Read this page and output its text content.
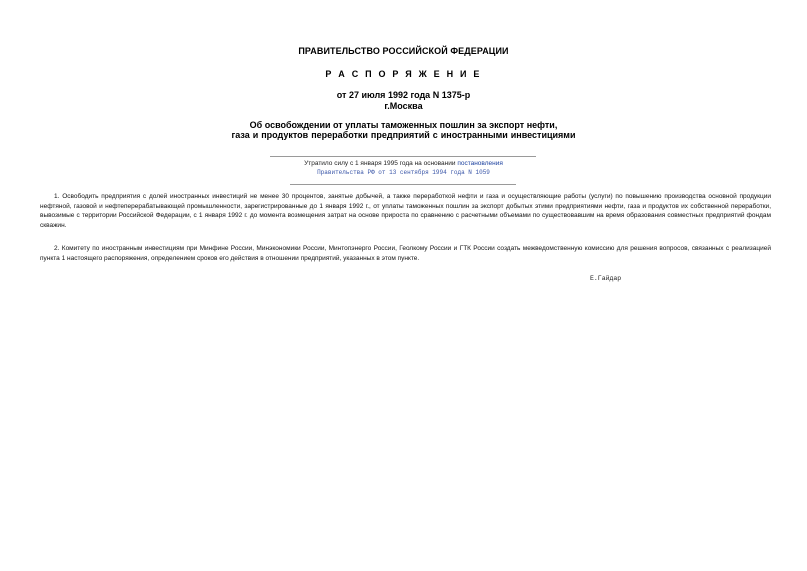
ПРАВИТЕЛЬСТВО РОССИЙСКОЙ ФЕДЕРАЦИИ
Р А С П О Р Я Ж Е Н И Е
от 27 июля 1992 года N 1375-р
г.Москва
Об освобождении от уплаты таможенных пошлин за экспорт нефти,
газа и продуктов переработки предприятий с иностранными инвестициями
Утратило силу с 1 января 1995 года на основании постановления
Правительства РФ от 13 сентября 1994 года N 1059
1. Освободить предприятия с долей иностранных инвестиций не менее 30 процентов, занятые добычей, а также переработкой нефти и газа и осуществляющие работы (услуги) по повышению производства основной продукции нефтяной, газовой и нефтеперерабатывающей промышленности, зарегистрированные до 1 января 1992 г., от уплаты таможенных пошлин за экспорт добытых этими предприятиями нефти, газа и продуктов их собственной переработки, вывозимые с территории Российской Федерации, с 1 января 1992 г. до момента возмещения затрат на основе прироста по сравнению с расчетными объемами по существовавшим на время образования совместных предприятий фондам скважин.
2. Комитету по иностранным инвестициям при Минфине России, Минэкономики России, Минтопэнерго России, Геолкому России и ГТК России создать межведомственную комиссию для решения вопросов, связанных с реализацией пункта 1 настоящего распоряжения, определением сроков его действия в отношении предприятий, указанных в этом пункте.
Е.Гайдар
